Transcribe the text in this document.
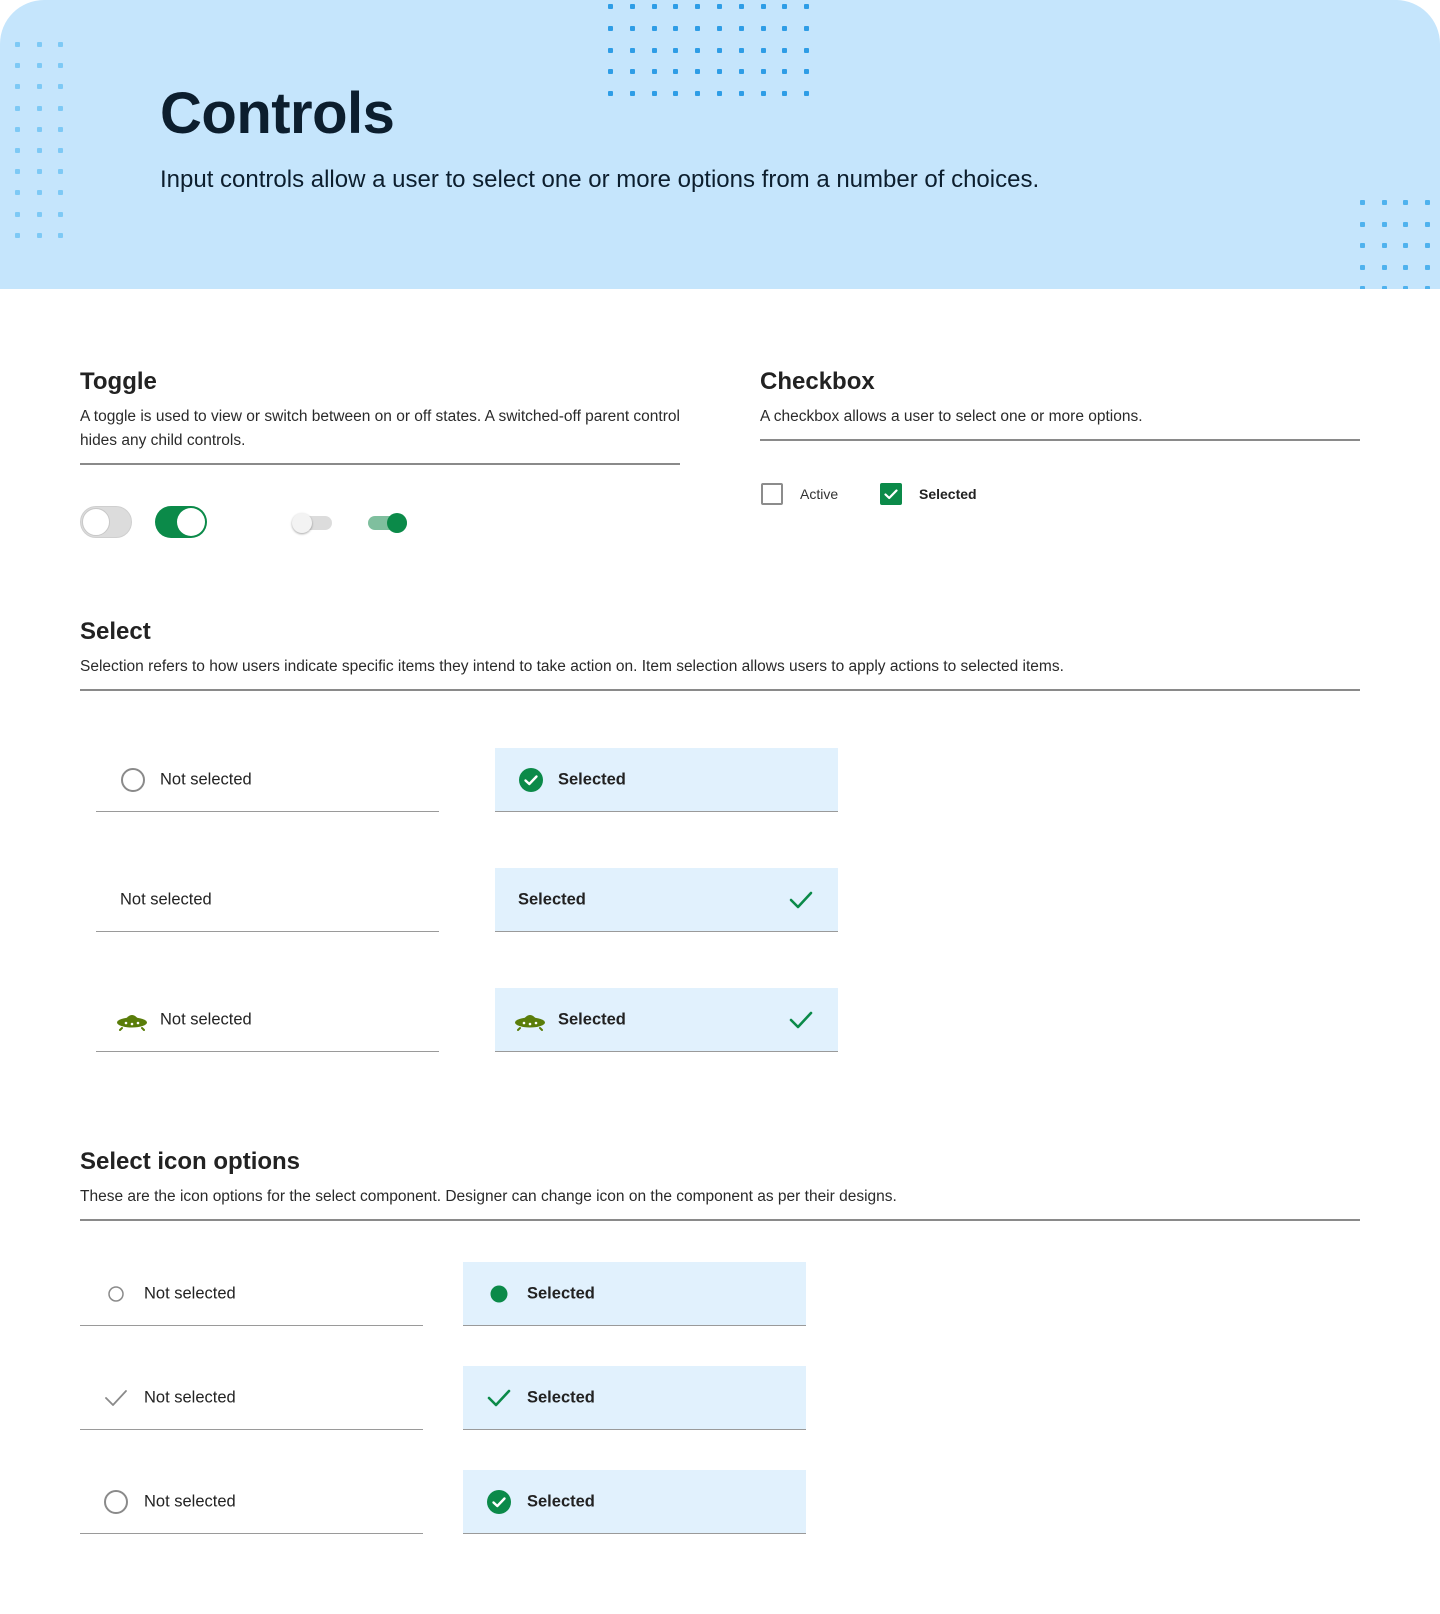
Controls
Input controls allow a user to select one or more options from a number of choices.
Toggle
A toggle is used to view or switch between on or off states. A switched-off parent control hides any child controls.
Checkbox
A checkbox allows a user to select one or more options.
Active	Selected
Select
Selection refers to how users indicate specific items they intend to take action on. Item selection allows users to apply actions to selected items.
Not selected	Selected
Not selected	Selected
Not selected	Selected
Select icon options
These are the icon options for the select component. Designer can change icon on the component as per their designs.
Not selected	Selected
Not selected	Selected
Not selected	Selected
